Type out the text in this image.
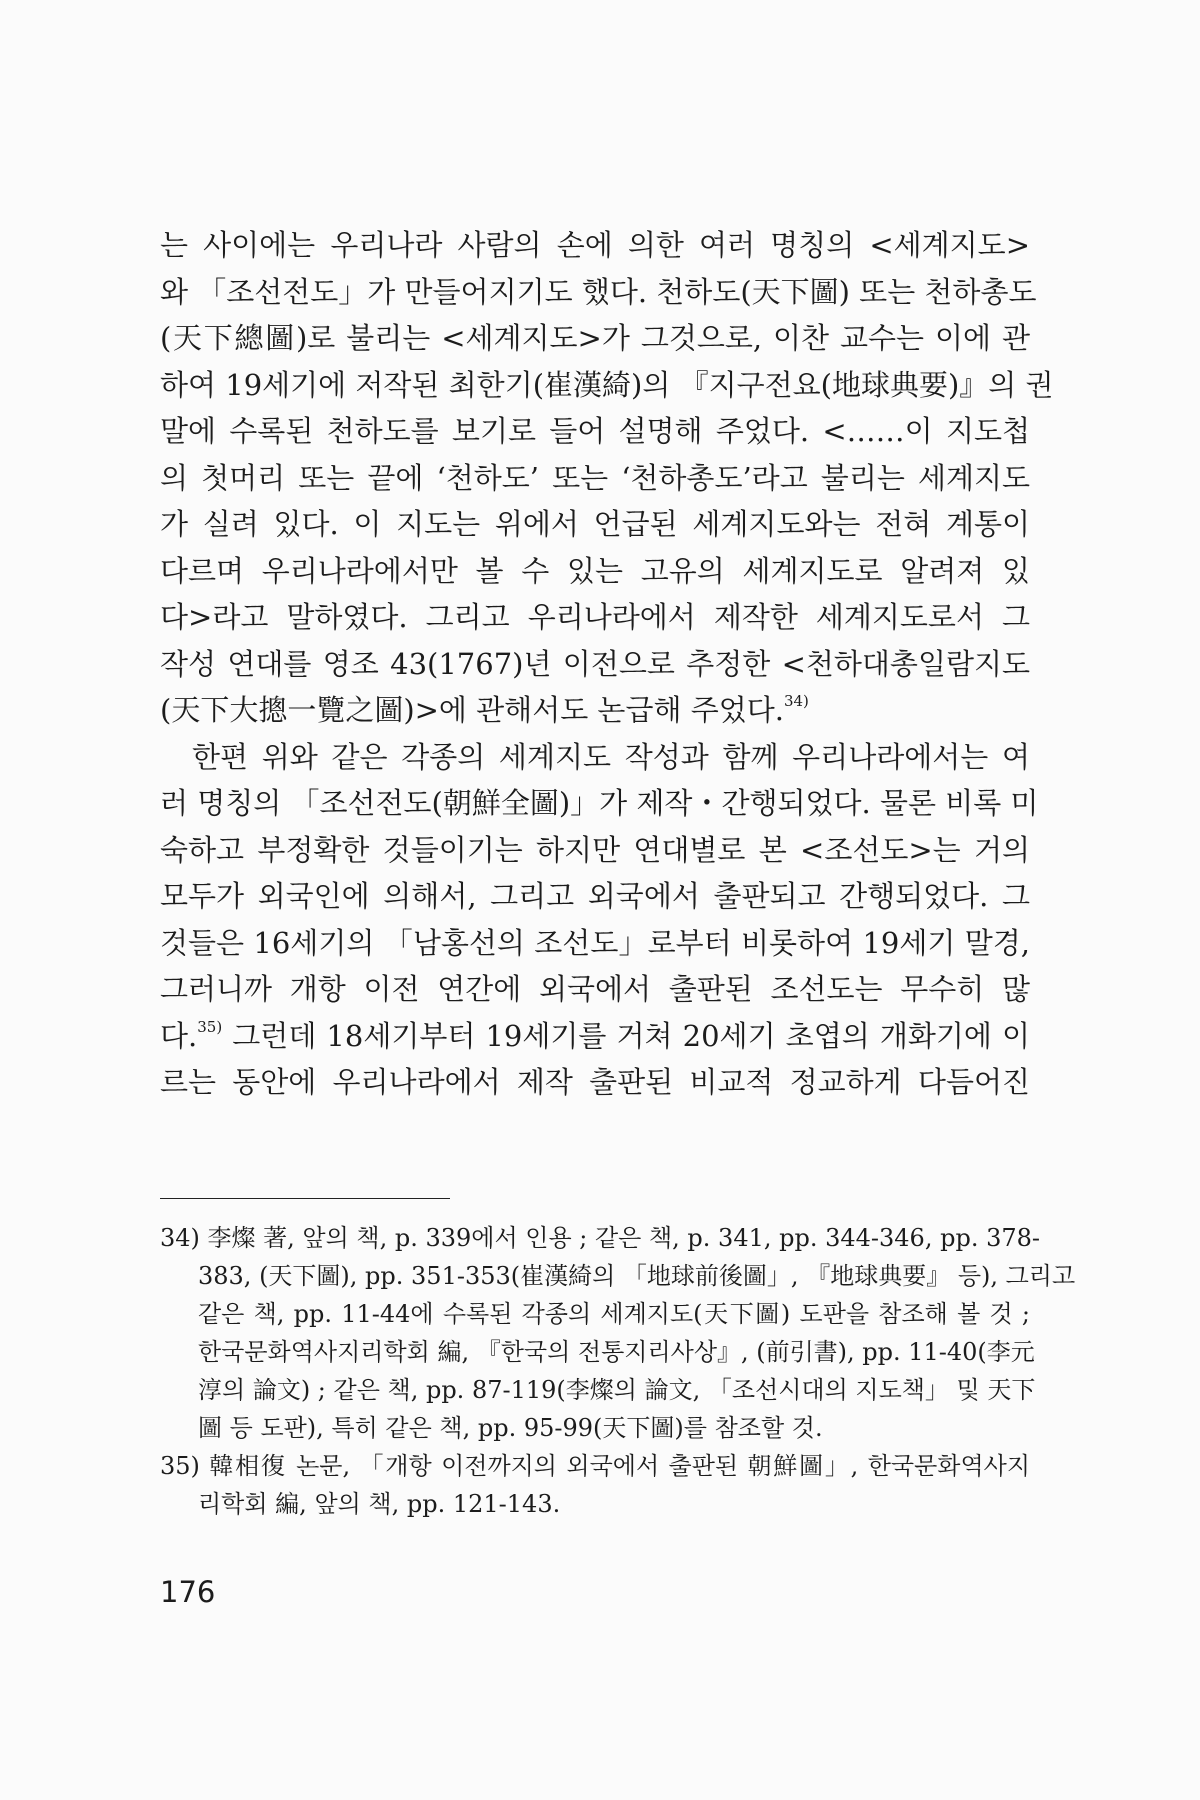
는 사이에는 우리나라 사람의 손에 의한 여러 명칭의 <세계지도>
와 「조선전도」가 만들어지기도 했다. 천하도(天下圖) 또는 천하총도
(天下總圖)로 불리는 <세계지도>가 그것으로, 이찬 교수는 이에 관
하여 19세기에 저작된 최한기(崔漢綺)의 『지구전요(地球典要)』의 권
말에 수록된 천하도를 보기로 들어 설명해 주었다. <……이 지도첩
의 첫머리 또는 끝에 ‘천하도’ 또는 ‘천하총도’라고 불리는 세계지도
가 실려 있다. 이 지도는 위에서 언급된 세계지도와는 전혀 계통이
다르며 우리나라에서만 볼 수 있는 고유의 세계지도로 알려져 있
다>라고 말하였다. 그리고 우리나라에서 제작한 세계지도로서 그
작성 연대를 영조 43(1767)년 이전으로 추정한 <천하대총일람지도
(天下大摠一覽之圖)>에 관해서도 논급해 주었다.$^{34)}$
한편 위와 같은 각종의 세계지도 작성과 함께 우리나라에서는 여
러 명칭의 「조선전도(朝鮮全圖)」가 제작・간행되었다. 물론 비록 미
숙하고 부정확한 것들이기는 하지만 연대별로 본 <조선도>는 거의
모두가 외국인에 의해서, 그리고 외국에서 출판되고 간행되었다. 그
것들은 16세기의 「남홍선의 조선도」로부터 비롯하여 19세기 말경,
그러니까 개항 이전 연간에 외국에서 출판된 조선도는 무수히 많
다.$^{35)}$ 그런데 18세기부터 19세기를 거쳐 20세기 초엽의 개화기에 이
르는 동안에 우리나라에서 제작 출판된 비교적 정교하게 다듬어진
34) 李燦 著, 앞의 책, p. 339에서 인용 ; 같은 책, p. 341, pp. 344-346, pp. 378-
383, (天下圖), pp. 351-353(崔漢綺의 「地球前後圖」, 『地球典要』 등), 그리고
같은 책, pp. 11-44에 수록된 각종의 세계지도(天下圖) 도판을 참조해 볼 것 ;
한국문화역사지리학회 編, 『한국의 전통지리사상』, (前引書), pp. 11-40(李元
淳의 論文) ; 같은 책, pp. 87-119(李燦의 論文, 「조선시대의 지도책」 및 天下
圖 등 도판), 특히 같은 책, pp. 95-99(天下圖)를 참조할 것.
35) 韓相復 논문, 「개항 이전까지의 외국에서 출판된 朝鮮圖」, 한국문화역사지
리학회 編, 앞의 책, pp. 121-143.
176
